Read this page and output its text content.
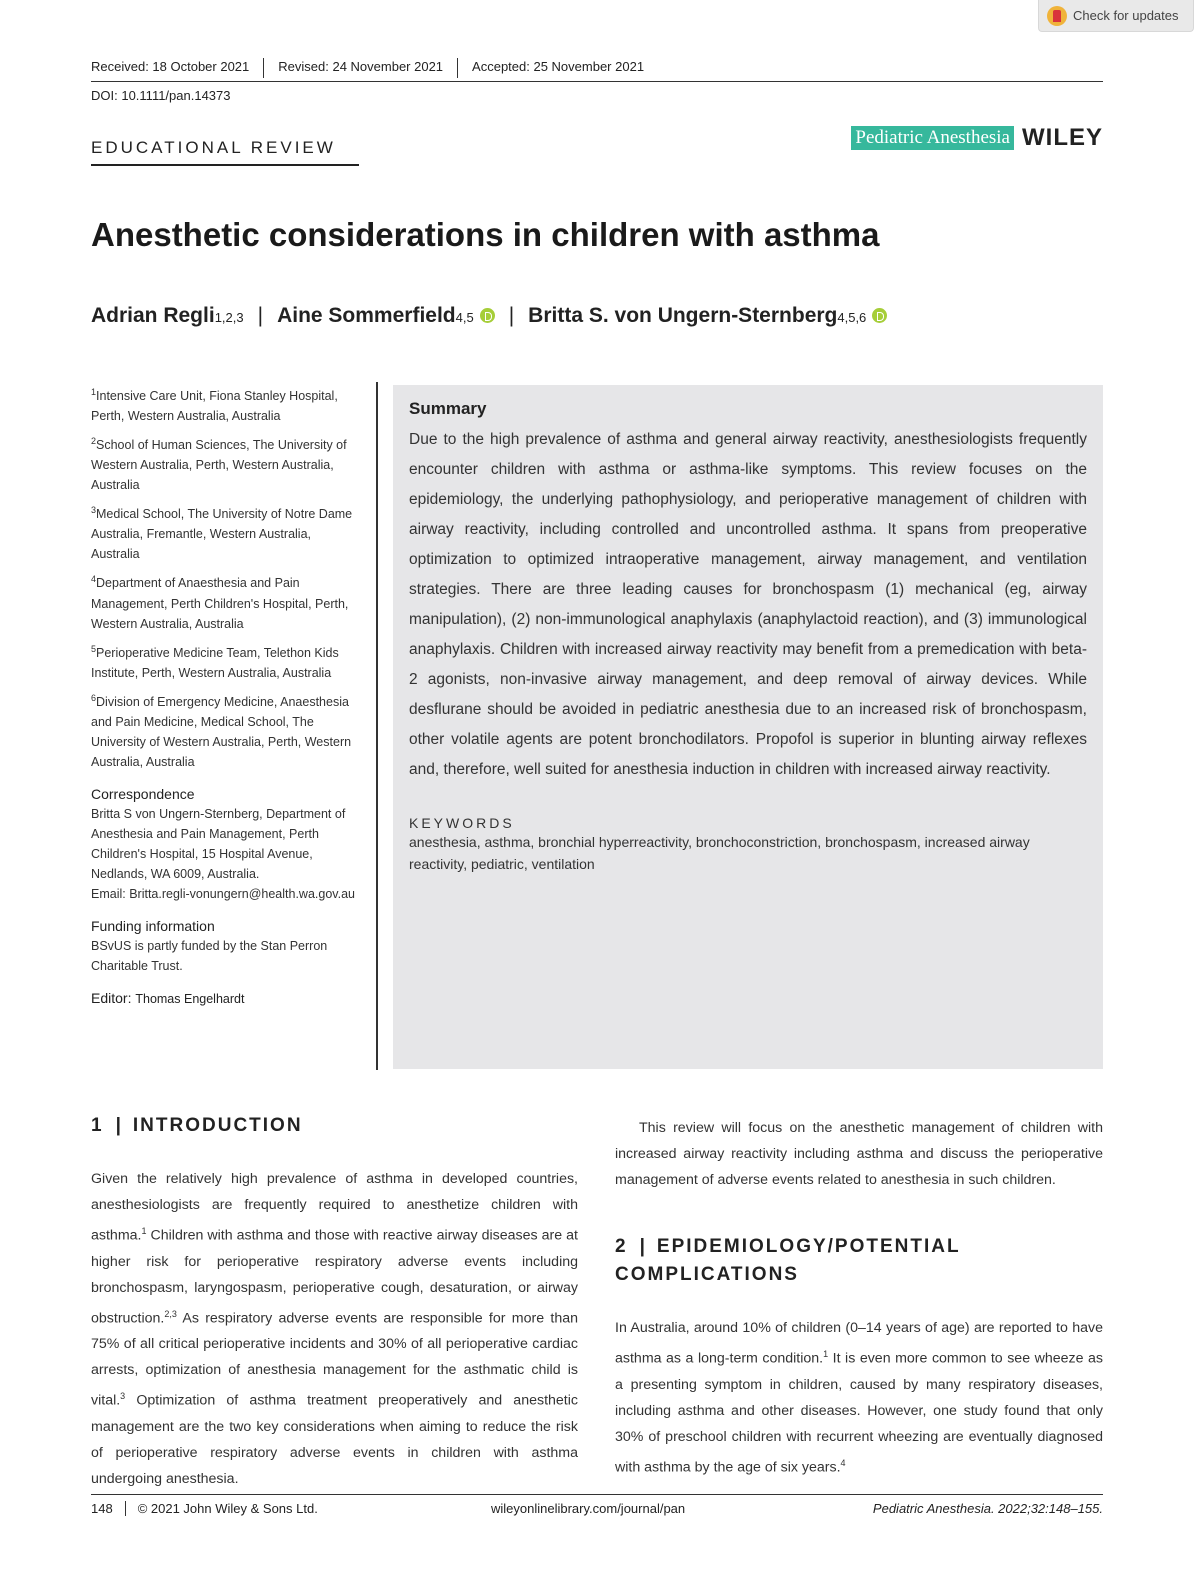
Check for updates
Received: 18 October 2021	Revised: 24 November 2021	Accepted: 25 November 2021
DOI: 10.1111/pan.14373
EDUCATIONAL REVIEW	Pediatric Anesthesia WILEY
Anesthetic considerations in children with asthma
Adrian Regli 1,2,3 | Aine Sommerfield 4,5 | Britta S. von Ungern-Sternberg 4,5,6
$^1$Intensive Care Unit, Fiona Stanley Hospital, Perth, Western Australia, Australia
$^2$School of Human Sciences, The University of Western Australia, Perth, Western Australia, Australia
$^3$Medical School, The University of Notre Dame Australia, Fremantle, Western Australia, Australia
$^4$Department of Anaesthesia and Pain Management, Perth Children's Hospital, Perth, Western Australia, Australia
$^5$Perioperative Medicine Team, Telethon Kids Institute, Perth, Western Australia, Australia
$^6$Division of Emergency Medicine, Anaesthesia and Pain Medicine, Medical School, The University of Western Australia, Perth, Western Australia, Australia
Correspondence

Britta S von Ungern-Sternberg, Department of Anesthesia and Pain Management, Perth Children's Hospital, 15 Hospital Avenue, Nedlands, WA 6009, Australia.

Email: Britta.regli-vonungern@health.wa.gov.au

Funding information

BSvUS is partly funded by the Stan Perron Charitable Trust.

Editor: Thomas Engelhardt
Summary

Due to the high prevalence of asthma and general airway reactivity, anesthesiologists frequently encounter children with asthma or asthma-like symptoms. This review focuses on the epidemiology, the underlying pathophysiology, and perioperative management of children with airway reactivity, including controlled and uncontrolled asthma. It spans from preoperative optimization to optimized intraoperative management, airway management, and ventilation strategies. There are three leading causes for bronchospasm (1) mechanical (eg, airway manipulation), (2) non-immunological anaphylaxis (anaphylactoid reaction), and (3) immunological anaphylaxis. Children with increased airway reactivity may benefit from a premedication with beta-2 agonists, non-invasive airway management, and deep removal of airway devices. While desflurane should be avoided in pediatric anesthesia due to an increased risk of bronchospasm, other volatile agents are potent bronchodilators. Propofol is superior in blunting airway reflexes and, therefore, well suited for anesthesia induction in children with increased airway reactivity.

KEYWORDS

anesthesia, asthma, bronchial hyperreactivity, bronchoconstriction, bronchospasm, increased airway reactivity, pediatric, ventilation

1 | INTRODUCTION

Given the relatively high prevalence of asthma in developed countries, anesthesiologists are frequently required to anesthetize children with asthma.$^1$ Children with asthma and those with reactive airway diseases are at higher risk for perioperative respiratory adverse events including bronchospasm, laryngospasm, perioperative cough, desaturation, or airway obstruction.$^{2,3}$ As respiratory adverse events are responsible for more than 75% of all critical perioperative incidents and 30% of all perioperative cardiac arrests, optimization of anesthesia management for the asthmatic child is vital.$^3$ Optimization of asthma treatment preoperatively and anesthetic management are the two key considerations when aiming to reduce the risk of perioperative respiratory adverse events in children with asthma undergoing anesthesia.

This review will focus on the anesthetic management of children with increased airway reactivity including asthma and discuss the perioperative management of adverse events related to anesthesia in such children.

2 | EPIDEMIOLOGY/POTENTIAL COMPLICATIONS

In Australia, around 10% of children (0–14 years of age) are reported to have asthma as a long-term condition.$^1$ It is even more common to see wheeze as a presenting symptom in children, caused by many respiratory diseases, including asthma and other diseases. However, one study found that only 30% of preschool children with recurrent wheezing are eventually diagnosed with asthma by the age of six years.$^4$

148	© 2021 John Wiley & Sons Ltd.	wileyonlinelibrary.com/journal/pan	Pediatric Anesthesia. 2022;32:148–155.
